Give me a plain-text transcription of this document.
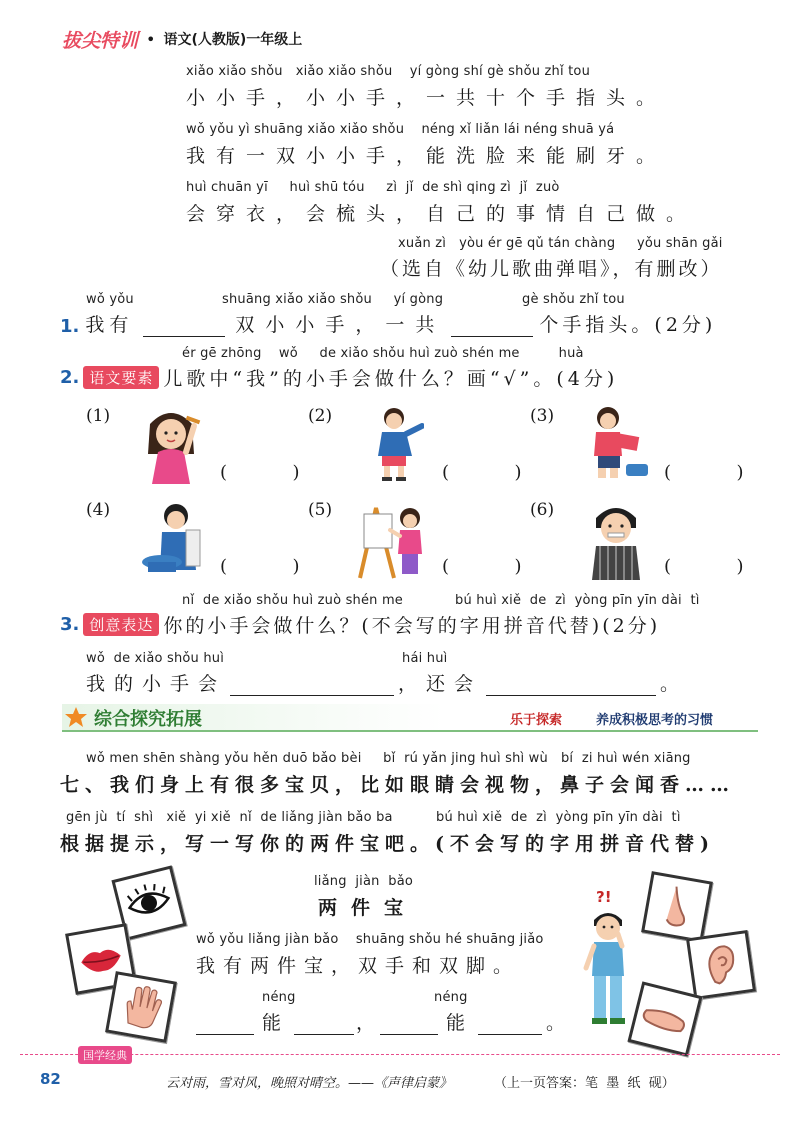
拔尖特训 • 语文(人教版)一年级上
xiǎo xiǎo shǒu   xiǎo xiǎo shǒu    yí gòng shí gè shǒu zhǐ tou
小小手，小小手，一共十个手指头。
wǒ yǒu yì shuāng xiǎo xiǎo shǒu    néng xǐ liǎn lái néng shuā yá
我有一双小小手，能洗脸来能刷牙。
huì chuān yī     huì shū tóu     zì  jǐ  de shì qing zì  jǐ  zuò
会穿衣，会梳头，自己的事情自己做。
xuǎn zì   yòu ér gē qǔ tán chàng     yǒu shān gǎi
（选自《幼儿歌曲弹唱》，有删改）
wǒ yǒu	shuāng xiǎo xiǎo shǒu     yí gòng	gè shǒu zhǐ tou
1. 我有	双小小手，一共	个手指头。(2分)
ér gē zhōng    wǒ     de xiǎo shǒu huì zuò shén me         huà
2. 语文要素 儿歌中“我”的小手会做什么？画“√”。(4分)
(1)	(2)	(3)
(4)	(5)	(6)
(  )	(  )	(  )
(  )	(  )	(  )
nǐ  de xiǎo shǒu huì zuò shén me            bú huì xiě  de  zì  yòng pīn yīn dài  tì
3. 创意表达 你的小手会做什么？(不会写的字用拼音代替)(2分)
wǒ  de xiǎo shǒu huì	hái huì
我的小手会	，还会	。
综合探究拓展	乐于探索	养成积极思考的习惯
wǒ men shēn shàng yǒu hěn duō bǎo bèi     bǐ  rú yǎn jing huì shì wù   bí  zi huì wén xiāng
七、我们身上有很多宝贝，比如眼睛会视物，鼻子会闻香……
gēn jù  tí  shì   xiě  yi xiě  nǐ  de liǎng jiàn bǎo ba          bú huì xiě  de  zì  yòng pīn yīn dài  tì
根据提示，写一写你的两件宝吧。(不会写的字用拼音代替)
liǎng  jiàn  bǎo
两件宝
wǒ yǒu liǎng jiàn bǎo    shuāng shǒu hé shuāng jiǎo
我有两件宝，双手和双脚。
néng	néng
能	，	能	。
?!
国学经典
82	云对雨，雪对风，晚照对晴空。——《声律启蒙》	（上一页答案：笔  墨  纸  砚）
